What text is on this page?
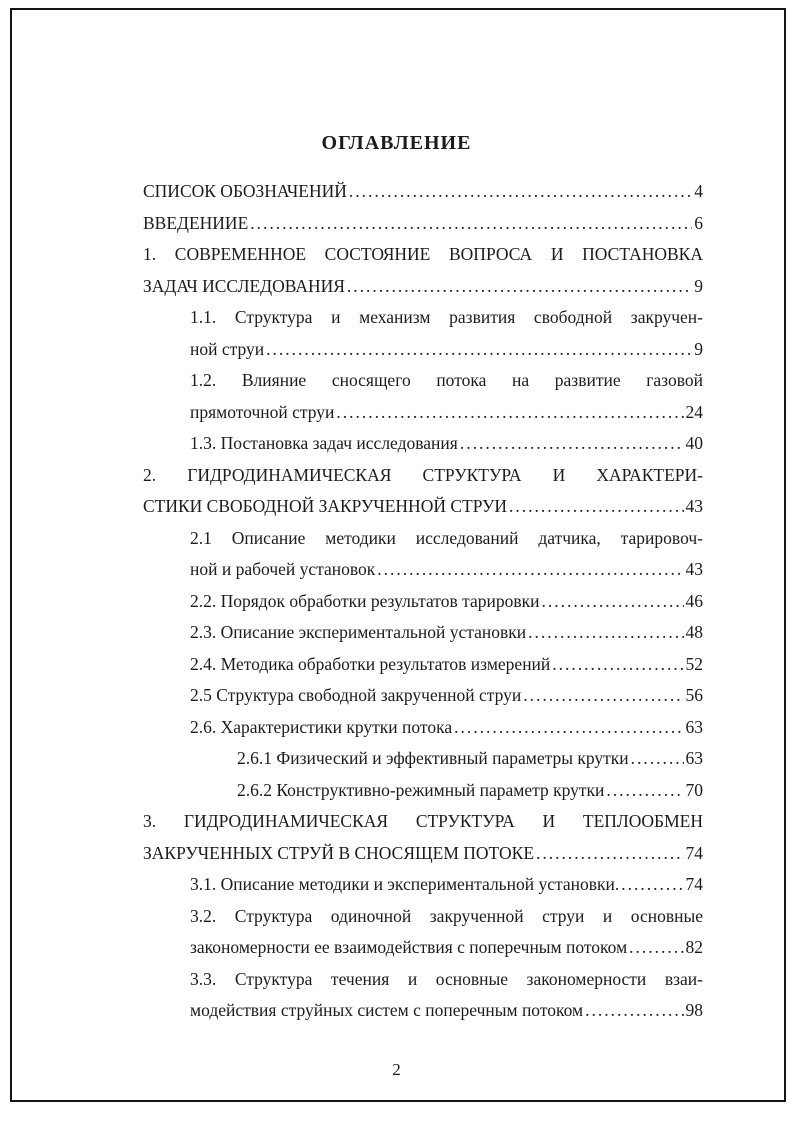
ОГЛАВЛЕНИЕ
СПИСОК ОБОЗНАЧЕНИЙ .....	4
ВВЕДЕНИИЕ .....	6
1. СОВРЕМЕННОЕ СОСТОЯНИЕ ВОПРОСА И ПОСТАНОВКА
ЗАДАЧ ИССЛЕДОВАНИЯ .....	9
1.1. Структура и механизм развития свободной закручен-
ной струи .....	9
1.2. Влияние сносящего потока на развитие газовой
прямоточной струи .....	24
1.3. Постановка задач исследования .....	40
2. ГИДРОДИНАМИЧЕСКАЯ СТРУКТУРА И ХАРАКТЕРИ-
СТИКИ СВОБОДНОЙ ЗАКРУЧЕННОЙ СТРУИ .....	43
2.1 Описание методики исследований датчика, тарировоч-
ной и рабочей установок .....	43
2.2. Порядок обработки результатов тарировки .....	46
2.3. Описание экспериментальной установки .....	48
2.4. Методика обработки результатов измерений .....	52
2.5 Структура свободной закрученной струи .....	56
2.6. Характеристики крутки потока .....	63
2.6.1 Физический и эффективный параметры крутки .....	63
2.6.2 Конструктивно-режимный параметр крутки .....	70
3. ГИДРОДИНАМИЧЕСКАЯ СТРУКТУРА И ТЕПЛООБМЕН
ЗАКРУЧЕННЫХ СТРУЙ В СНОСЯЩЕМ ПОТОКЕ .....	74
3.1. Описание методики и экспериментальной установки. .....	74
3.2. Структура одиночной закрученной струи и основные
закономерности ее взаимодействия с поперечным потоком .....	82
3.3. Структура течения и основные закономерности взаи-
модействия струйных систем с поперечным потоком .....	98
2
